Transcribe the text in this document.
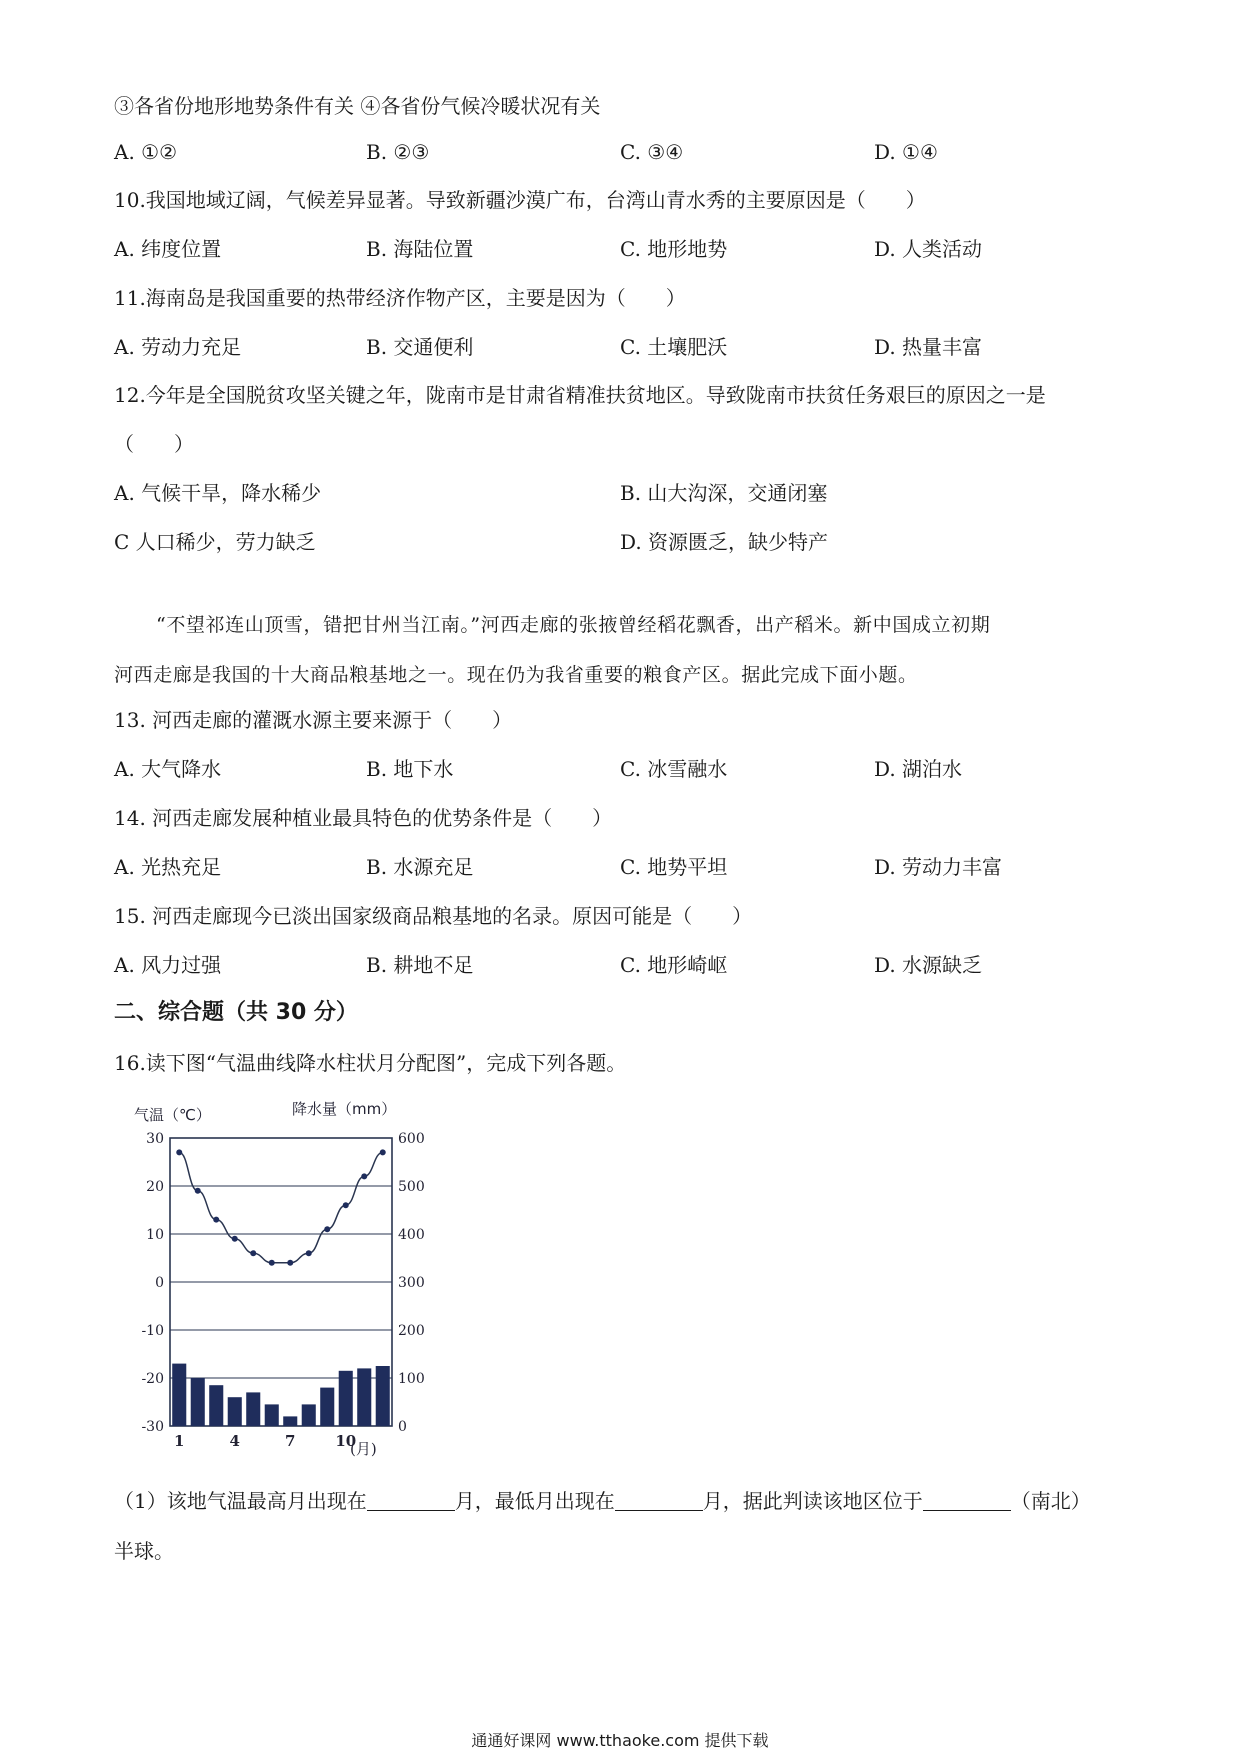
③各省份地形地势条件有关 ④各省份气候冷暖状况有关
A. ①②	B. ②③	C. ③④	D. ①④
10.我国地域辽阔，气候差异显著。导致新疆沙漠广布，台湾山青水秀的主要原因是（　　）
A. 纬度位置	B. 海陆位置	C. 地形地势	D. 人类活动
11.海南岛是我国重要的热带经济作物产区，主要是因为（　　）
A. 劳动力充足	B. 交通便利	C. 土壤肥沃	D. 热量丰富
12.今年是全国脱贫攻坚关键之年，陇南市是甘肃省精准扶贫地区。导致陇南市扶贫任务艰巨的原因之一是
（　　）
A. 气候干旱，降水稀少	B. 山大沟深，交通闭塞
C 人口稀少，劳力缺乏	D. 资源匮乏，缺少特产

“不望祁连山顶雪，错把甘州当江南。”河西走廊的张掖曾经稻花飘香，出产稻米。新中国成立初期

河西走廊是我国的十大商品粮基地之一。现在仍为我省重要的粮食产区。据此完成下面小题。

13. 河西走廊的灌溉水源主要来源于（　　）
A. 大气降水	B. 地下水	C. 冰雪融水	D. 湖泊水
14. 河西走廊发展种植业最具特色的优势条件是（　　）
A. 光热充足	B. 水源充足	C. 地势平坦	D. 劳动力丰富
15. 河西走廊现今已淡出国家级商品粮基地的名录。原因可能是（　　）
A. 风力过强	B. 耕地不足	C. 地形崎岖	D. 水源缺乏
二、综合题（共 30 分）
16.读下图“气温曲线降水柱状月分配图”，完成下列各题。
30
20
10
0
-10
-20
-30
600
500
400
300
200
100
0
1	4	7	10
气温（℃）	降水量（mm）
(月)
（1）该地气温最高月出现在	月，最低月出现在	月，据此判读该地区位于	（南北）
半球。
通通好课网 www.tthaoke.com 提供下载
